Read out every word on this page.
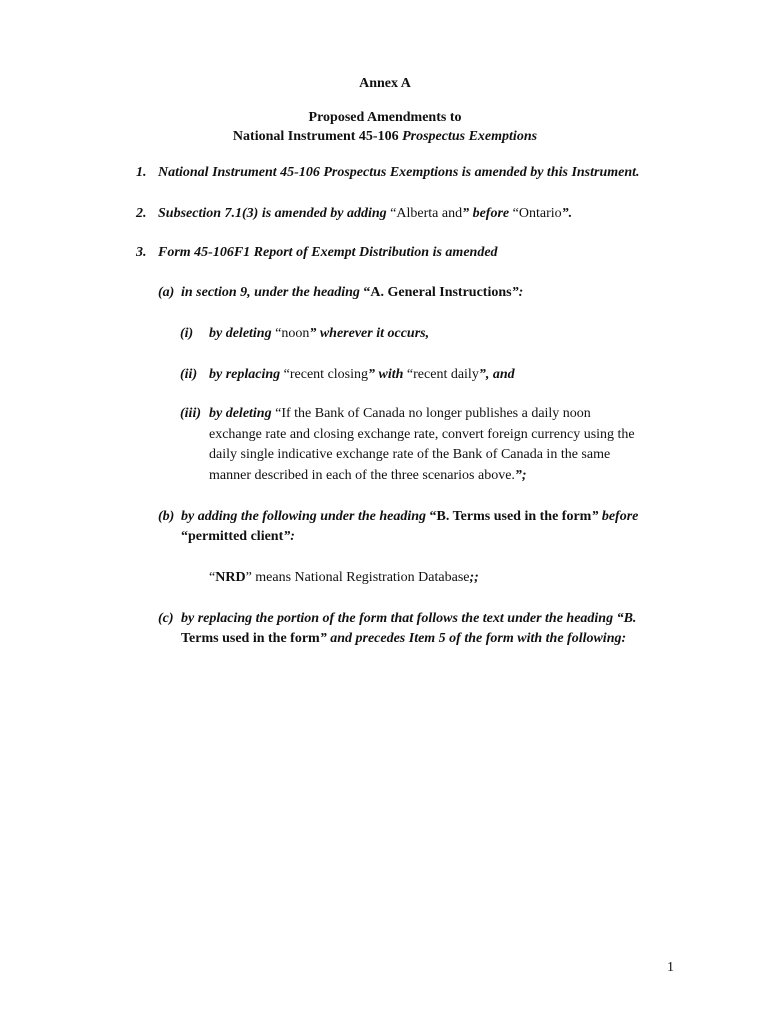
Annex A
Proposed Amendments to
National Instrument 45-106 Prospectus Exemptions
1. National Instrument 45-106 Prospectus Exemptions is amended by this Instrument.
2. Subsection 7.1(3) is amended by adding “Alberta and” before “Ontario”.
3. Form 45-106F1 Report of Exempt Distribution is amended
(a) in section 9, under the heading “A. General Instructions”:
(i) by deleting “noon” wherever it occurs,
(ii) by replacing “recent closing” with “recent daily”, and
(iii) by deleting “If the Bank of Canada no longer publishes a daily noon
exchange rate and closing exchange rate, convert foreign currency using the
daily single indicative exchange rate of the Bank of Canada in the same
manner described in each of the three scenarios above.”;
(b) by adding the following under the heading “B. Terms used in the form” before
“permitted client”:
“NRD” means National Registration Database;;
(c) by replacing the portion of the form that follows the text under the heading “B.
Terms used in the form” and precedes Item 5 of the form with the following:
1
